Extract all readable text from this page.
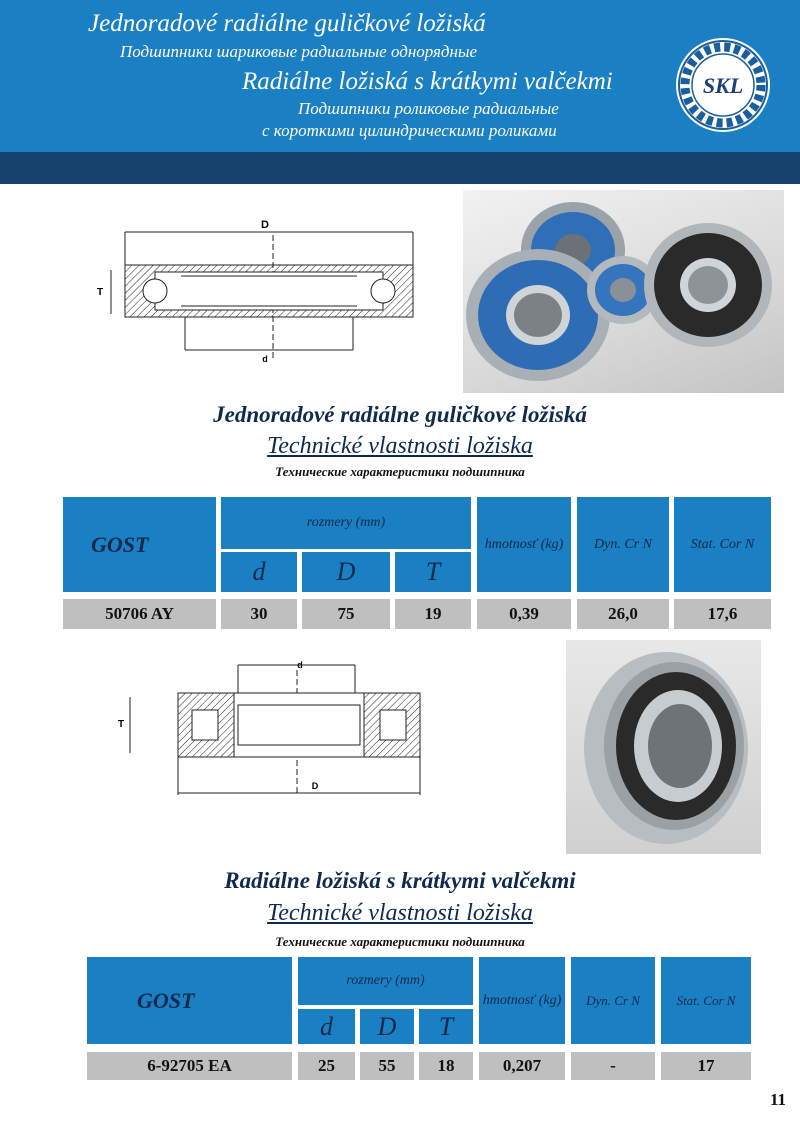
Jednoradové radiálne guličkové ložiská
Подшипники шариковые радиальные однорядные
Radiálne ložiská s krátkymi valčekmi
Подшипники роликовые радиальные
с короткими цилиндрическими роликами
SKL
D
d
T
Jednoradové radiálne guličkové ložiská
Technické vlastnosti ložiska
Технические характеристики подшипника
GOST
rozmery (mm)
d	D	T
hmotnosť (kg)	Dyn. Cr N	Stat. Cor N
50706 AY	30	75	19	0,39	26,0	17,6
d
D
T
Radiálne ložiská s krátkymi valčekmi
Technické vlastnosti ložiska
Технические характеристики подшипника
GOST
rozmery (mm)
d	D	T
hmotnosť (kg)	Dyn. Cr N	Stat. Cor N
6-92705 EA	25	55	18	0,207	-	17
11
